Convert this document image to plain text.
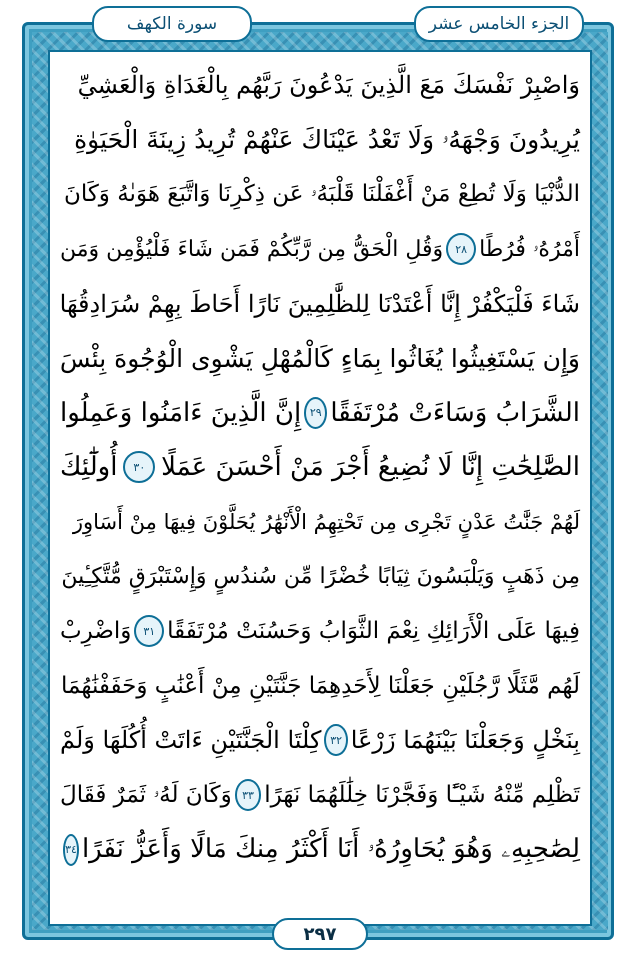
سورة الكهف	الجزء الخامس عشر
وَاصْبِرْ نَفْسَكَ مَعَ الَّذِينَ يَدْعُونَ رَبَّهُم بِالْغَدَاةِ وَالْعَشِيِّ
يُرِيدُونَ وَجْهَهُۥ وَلَا تَعْدُ عَيْنَاكَ عَنْهُمْ تُرِيدُ زِينَةَ الْحَيَوٰةِ
الدُّنْيَا وَلَا تُطِعْ مَنْ أَغْفَلْنَا قَلْبَهُۥ عَن ذِكْرِنَا وَاتَّبَعَ هَوَىٰهُ وَكَانَ
أَمْرُهُۥ فُرُطًا
٢٨
وَقُلِ الْحَقُّ مِن رَّبِّكُمْ فَمَن شَاءَ فَلْيُؤْمِن وَمَن
شَاءَ فَلْيَكْفُرْ إِنَّا أَعْتَدْنَا لِلظَّٰلِمِينَ نَارًا أَحَاطَ بِهِمْ سُرَادِقُهَا
وَإِن يَسْتَغِيثُوا يُغَاثُوا بِمَاءٍ كَالْمُهْلِ يَشْوِى الْوُجُوهَ بِئْسَ
الشَّرَابُ وَسَاءَتْ مُرْتَفَقًا
٢٩
إِنَّ الَّذِينَ ءَامَنُوا وَعَمِلُوا
الصَّٰلِحَٰتِ إِنَّا لَا نُضِيعُ أَجْرَ مَنْ أَحْسَنَ عَمَلًا
٣٠
أُولَٰٓئِكَ
لَهُمْ جَنَّٰتُ عَدْنٍ تَجْرِى مِن تَحْتِهِمُ الْأَنْهَٰرُ يُحَلَّوْنَ فِيهَا مِنْ أَسَاوِرَ
مِن ذَهَبٍ وَيَلْبَسُونَ ثِيَابًا خُضْرًا مِّن سُندُسٍ وَإِسْتَبْرَقٍ مُّتَّكِـِٔينَ
فِيهَا عَلَى الْأَرَائِكِ نِعْمَ الثَّوَابُ وَحَسُنَتْ مُرْتَفَقًا
٣١
وَاضْرِبْ
لَهُم مَّثَلًا رَّجُلَيْنِ جَعَلْنَا لِأَحَدِهِمَا جَنَّتَيْنِ مِنْ أَعْنَٰبٍ وَحَفَفْنَٰهُمَا
بِنَخْلٍ وَجَعَلْنَا بَيْنَهُمَا زَرْعًا
٣٢
كِلْتَا الْجَنَّتَيْنِ ءَاتَتْ أُكُلَهَا وَلَمْ
تَظْلِم مِّنْهُ شَيْـًٔا وَفَجَّرْنَا خِلَٰلَهُمَا نَهَرًا
٣٣
وَكَانَ لَهُۥ ثَمَرٌ فَقَالَ
لِصَٰحِبِهِۦ وَهُوَ يُحَاوِرُهُۥ أَنَا أَكْثَرُ مِنكَ مَالًا وَأَعَزُّ نَفَرًا
٣٤
٢٩٧
